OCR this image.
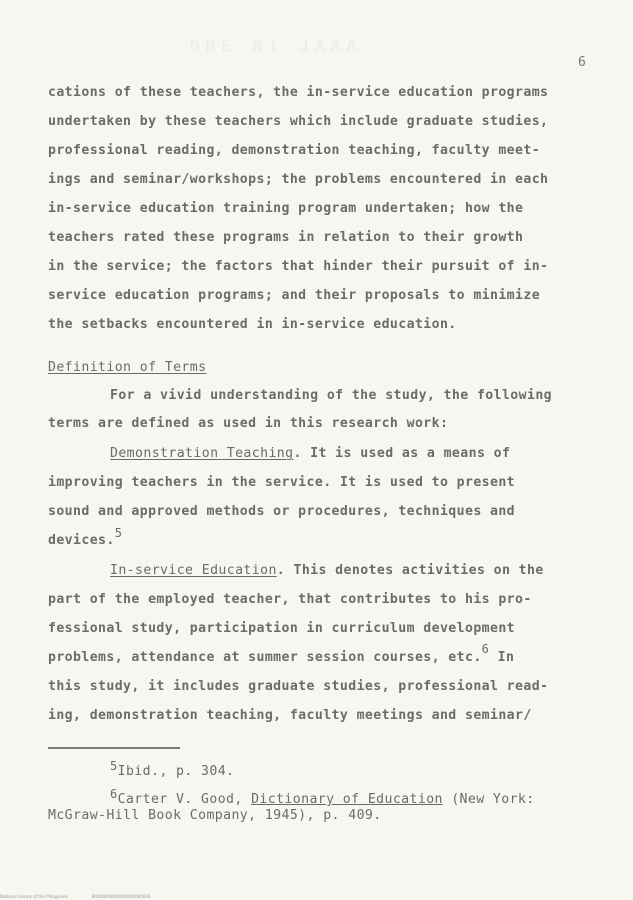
OHE NI JAAA
6
cations of these teachers, the in-service education programs
undertaken by these teachers which include graduate studies,
professional reading, demonstration teaching, faculty meet-
ings and seminar/workshops; the problems encountered in each
in-service education training program undertaken; how the
teachers rated these programs in relation to their growth
in the service; the factors that hinder their pursuit of in-
service education programs; and their proposals to minimize
the setbacks encountered in in-service education.
Definition of Terms
For a vivid understanding of the study, the following
terms are defined as used in this research work:
Demonstration Teaching. It is used as a means of
improving teachers in the service. It is used to present
sound and approved methods or procedures, techniques and
devices.5
In-service Education. This denotes activities on the
part of the employed teacher, that contributes to his pro-
fessional study, participation in curriculum development
problems, attendance at summer session courses, etc.6 In
this study, it includes graduate studies, professional read-
ing, demonstration teaching, faculty meetings and seminar/
5Ibid., p. 304.
6Carter V. Good, Dictionary of Education (New York:
McGraw-Hill Book Company, 1945), p. 409.
National Library of the Philippines	B0000000000000000000000
